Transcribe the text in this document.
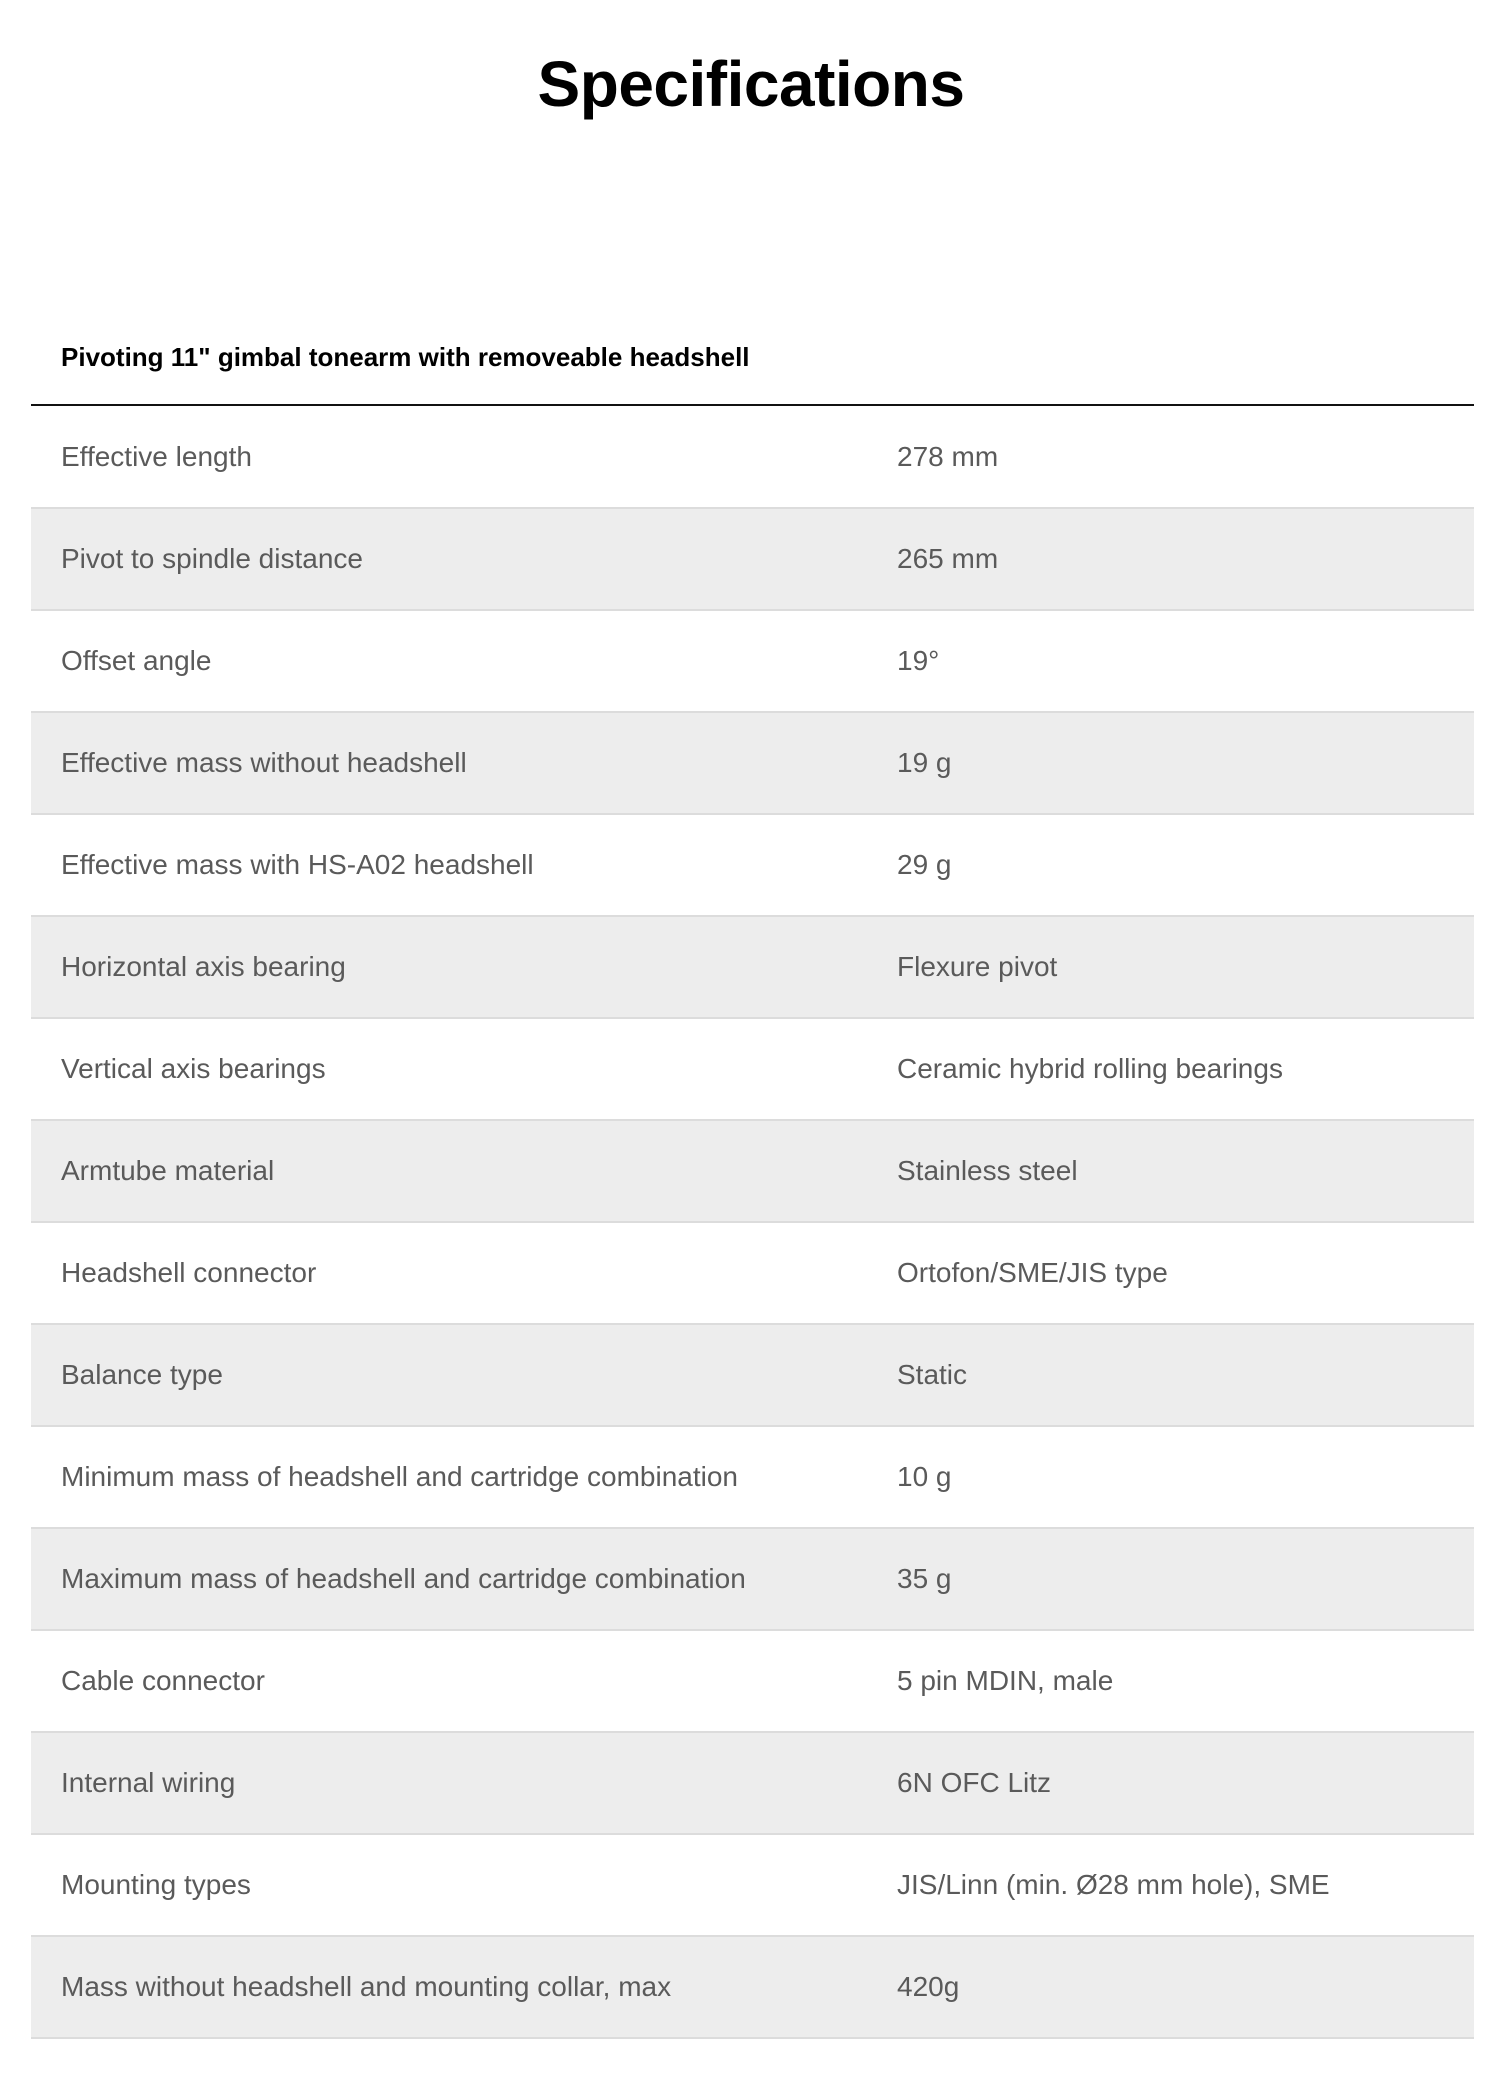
Specifications
Pivoting 11" gimbal tonearm with removeable headshell
Effective length	278 mm
Pivot to spindle distance	265 mm
Offset angle	19°
Effective mass without headshell	19 g
Effective mass with HS-A02 headshell	29 g
Horizontal axis bearing	Flexure pivot
Vertical axis bearings	Ceramic hybrid rolling bearings
Armtube material	Stainless steel
Headshell connector	Ortofon/SME/JIS type
Balance type	Static
Minimum mass of headshell and cartridge combination	10 g
Maximum mass of headshell and cartridge combination	35 g
Cable connector	5 pin MDIN, male
Internal wiring	6N OFC Litz
Mounting types	JIS/Linn (min. Ø28 mm hole), SME
Mass without headshell and mounting collar, max	420g
